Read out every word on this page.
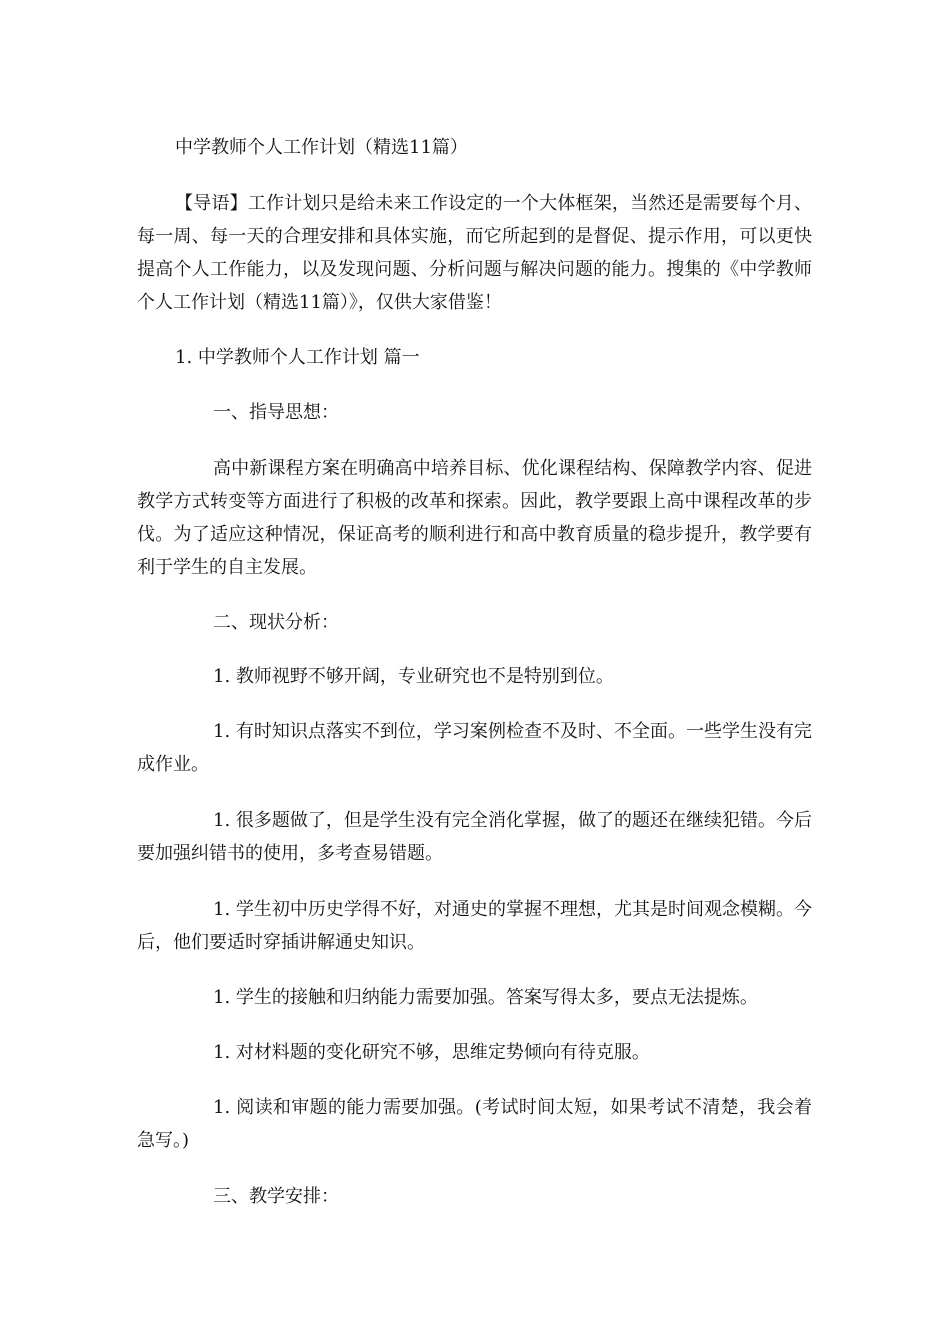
中学教师个人工作计划（精选11篇）

【导语】工作计划只是给未来工作设定的一个大体框架，当然还是需要每个月、每一周、每一天的合理安排和具体实施，而它所起到的是督促、提示作用，可以更快提高个人工作能力，以及发现问题、分析问题与解决问题的能力。搜集的《中学教师个人工作计划（精选11篇）》，仅供大家借鉴！

1. 中学教师个人工作计划 篇一

一、指导思想：

高中新课程方案在明确高中培养目标、优化课程结构、保障教学内容、促进教学方式转变等方面进行了积极的改革和探索。因此，教学要跟上高中课程改革的步伐。为了适应这种情况，保证高考的顺利进行和高中教育质量的稳步提升，教学要有利于学生的自主发展。

二、现状分析：

1. 教师视野不够开阔，专业研究也不是特别到位。

1. 有时知识点落实不到位，学习案例检查不及时、不全面。一些学生没有完成作业。

1. 很多题做了，但是学生没有完全消化掌握，做了的题还在继续犯错。今后要加强纠错书的使用，多考查易错题。

1. 学生初中历史学得不好，对通史的掌握不理想，尤其是时间观念模糊。今后，他们要适时穿插讲解通史知识。

1. 学生的接触和归纳能力需要加强。答案写得太多，要点无法提炼。

1. 对材料题的变化研究不够，思维定势倾向有待克服。

1. 阅读和审题的能力需要加强。(考试时间太短，如果考试不清楚，我会着急写。)

三、教学安排：
